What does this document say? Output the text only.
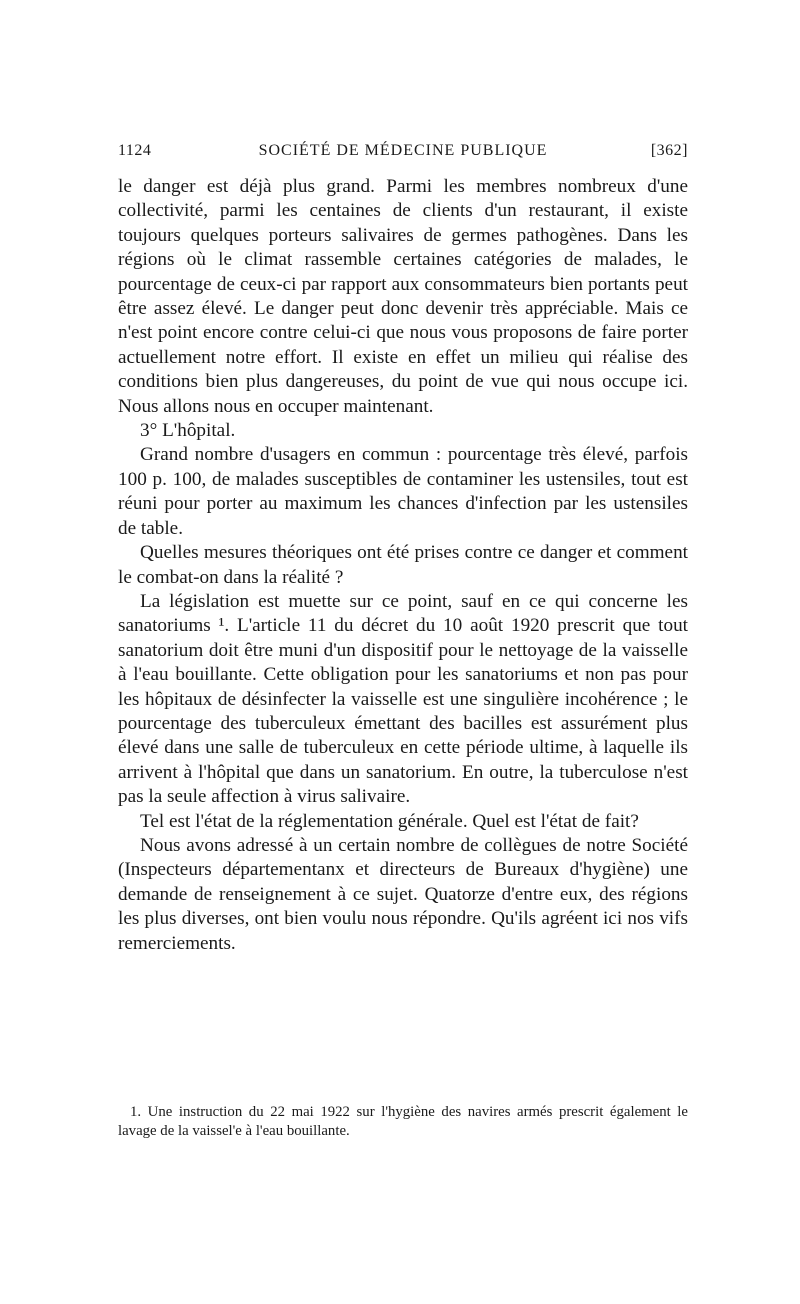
1124	SOCIÉTÉ DE MÉDECINE PUBLIQUE	[362]

le danger est déjà plus grand. Parmi les membres nombreux d'une collectivité, parmi les centaines de clients d'un restaurant, il existe toujours quelques porteurs salivaires de germes pathogènes. Dans les régions où le climat rassemble certaines catégories de malades, le pourcentage de ceux-ci par rapport aux consommateurs bien portants peut être assez élevé. Le danger peut donc devenir très appréciable. Mais ce n'est point encore contre celui-ci que nous vous proposons de faire porter actuellement notre effort. Il existe en effet un milieu qui réalise des conditions bien plus dangereuses, du point de vue qui nous occupe ici. Nous allons nous en occuper maintenant.

3° L'hôpital.

Grand nombre d'usagers en commun : pourcentage très élevé, parfois 100 p. 100, de malades susceptibles de contaminer les ustensiles, tout est réuni pour porter au maximum les chances d'infection par les ustensiles de table.

Quelles mesures théoriques ont été prises contre ce danger et comment le combat-on dans la réalité ?

La législation est muette sur ce point, sauf en ce qui concerne les sanatoriums ¹. L'article 11 du décret du 10 août 1920 prescrit que tout sanatorium doit être muni d'un dispositif pour le nettoyage de la vaisselle à l'eau bouillante. Cette obligation pour les sanatoriums et non pas pour les hôpitaux de désinfecter la vaisselle est une singulière incohérence ; le pourcentage des tuberculeux émettant des bacilles est assurément plus élevé dans une salle de tuberculeux en cette période ultime, à laquelle ils arrivent à l'hôpital que dans un sanatorium. En outre, la tuberculose n'est pas la seule affection à virus salivaire.

Tel est l'état de la réglementation générale. Quel est l'état de fait?

Nous avons adressé à un certain nombre de collègues de notre Société (Inspecteurs départementanx et directeurs de Bureaux d'hygiène) une demande de renseignement à ce sujet. Quatorze d'entre eux, des régions les plus diverses, ont bien voulu nous répondre. Qu'ils agréent ici nos vifs remerciements.

1. Une instruction du 22 mai 1922 sur l'hygiène des navires armés prescrit également le lavage de la vaissel'e à l'eau bouillante.
